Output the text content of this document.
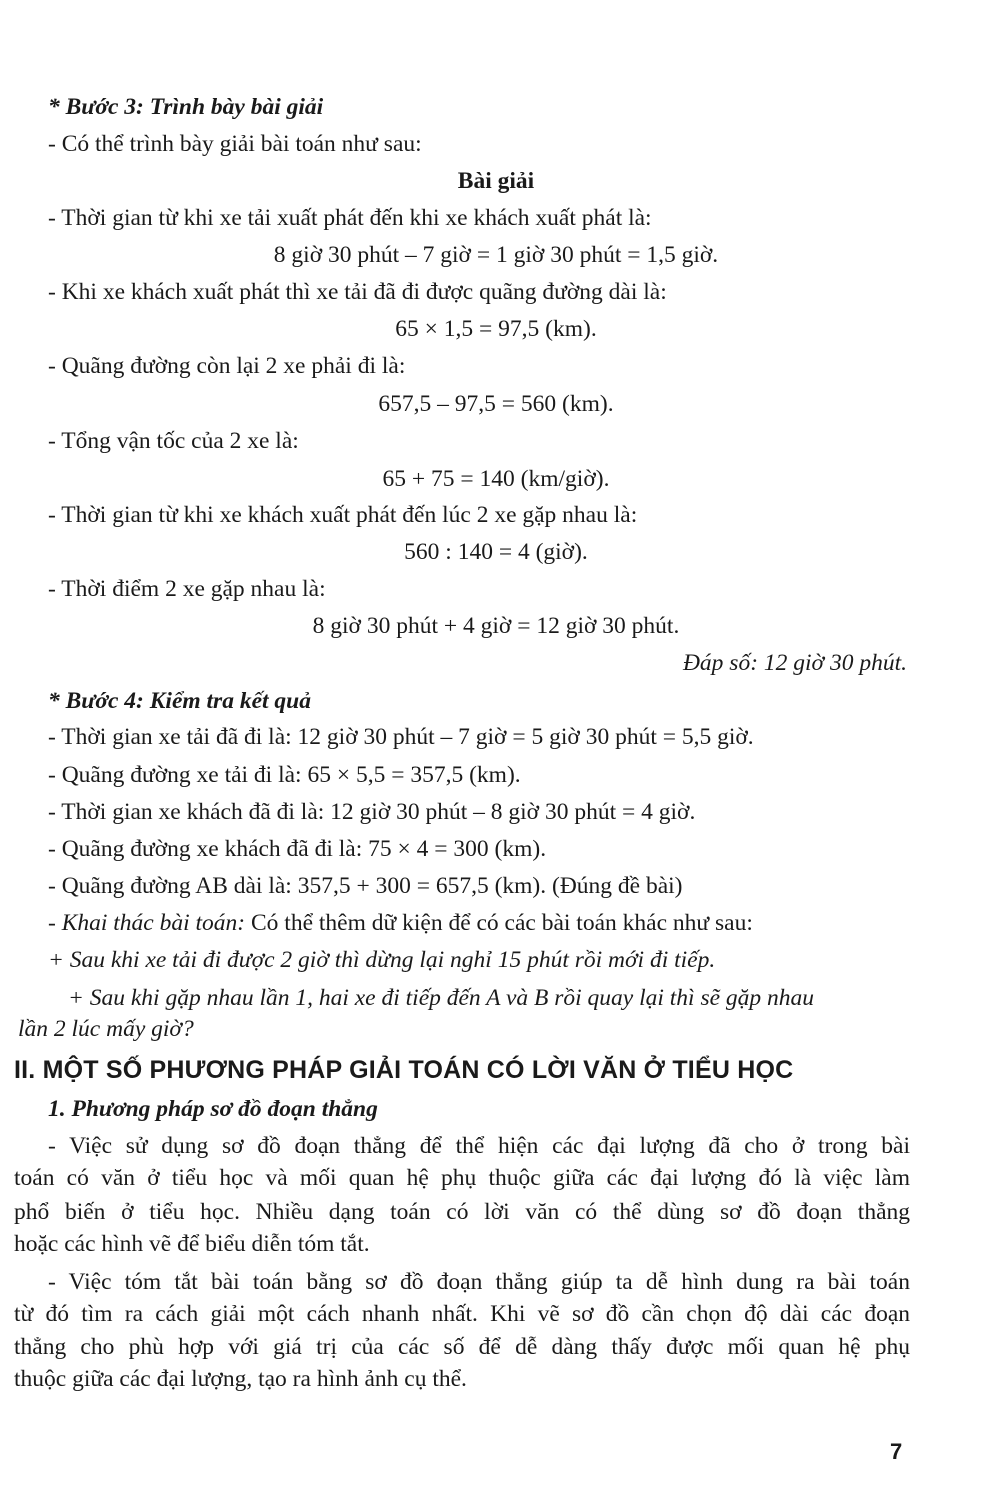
* Bước 3: Trình bày bài giải
- Có thể trình bày giải bài toán như sau:
Bài giải
- Thời gian từ khi xe tải xuất phát đến khi xe khách xuất phát là:
8 giờ 30 phút – 7 giờ = 1 giờ 30 phút = 1,5 giờ.
- Khi xe khách xuất phát thì xe tải đã đi được quãng đường dài là:
65 × 1,5 = 97,5 (km).
- Quãng đường còn lại 2 xe phải đi là:
657,5 – 97,5 = 560 (km).
- Tổng vận tốc của 2 xe là:
65 + 75 = 140 (km/giờ).
- Thời gian từ khi xe khách xuất phát đến lúc 2 xe gặp nhau là:
560 : 140 = 4 (giờ).
- Thời điểm 2 xe gặp nhau là:
8 giờ 30 phút + 4 giờ = 12 giờ 30 phút.
Đáp số: 12 giờ 30 phút.
* Bước 4: Kiểm tra kết quả
- Thời gian xe tải đã đi là: 12 giờ 30 phút – 7 giờ = 5 giờ 30 phút = 5,5 giờ.
- Quãng đường xe tải đi là: 65 × 5,5 = 357,5 (km).
- Thời gian xe khách đã đi là: 12 giờ 30 phút – 8 giờ 30 phút = 4 giờ.
- Quãng đường xe khách đã đi là: 75 × 4 = 300 (km).
- Quãng đường AB dài là: 357,5 + 300 = 657,5 (km). (Đúng đề bài)
- Khai thác bài toán: Có thể thêm dữ kiện để có các bài toán khác như sau:
+ Sau khi xe tải đi được 2 giờ thì dừng lại nghỉ 15 phút rồi mới đi tiếp.
+ Sau khi gặp nhau lần 1, hai xe đi tiếp đến A và B rồi quay lại thì sẽ gặp nhau
lần 2 lúc mấy giờ?
II. MỘT SỐ PHƯƠNG PHÁP GIẢI TOÁN CÓ LỜI VĂN Ở TIỂU HỌC
1. Phương pháp sơ đồ đoạn thẳng
- Việc sử dụng sơ đồ đoạn thẳng để thể hiện các đại lượng đã cho ở trong bài
toán có văn ở tiểu học và mối quan hệ phụ thuộc giữa các đại lượng đó là việc làm
phổ biến ở tiểu học. Nhiều dạng toán có lời văn có thể dùng sơ đồ đoạn thẳng
hoặc các hình vẽ để biểu diễn tóm tắt.
- Việc tóm tắt bài toán bằng sơ đồ đoạn thẳng giúp ta dễ hình dung ra bài toán
từ đó tìm ra cách giải một cách nhanh nhất. Khi vẽ sơ đồ cần chọn độ dài các đoạn
thẳng cho phù hợp với giá trị của các số để dễ dàng thấy được mối quan hệ phụ
thuộc giữa các đại lượng, tạo ra hình ảnh cụ thể.
7
